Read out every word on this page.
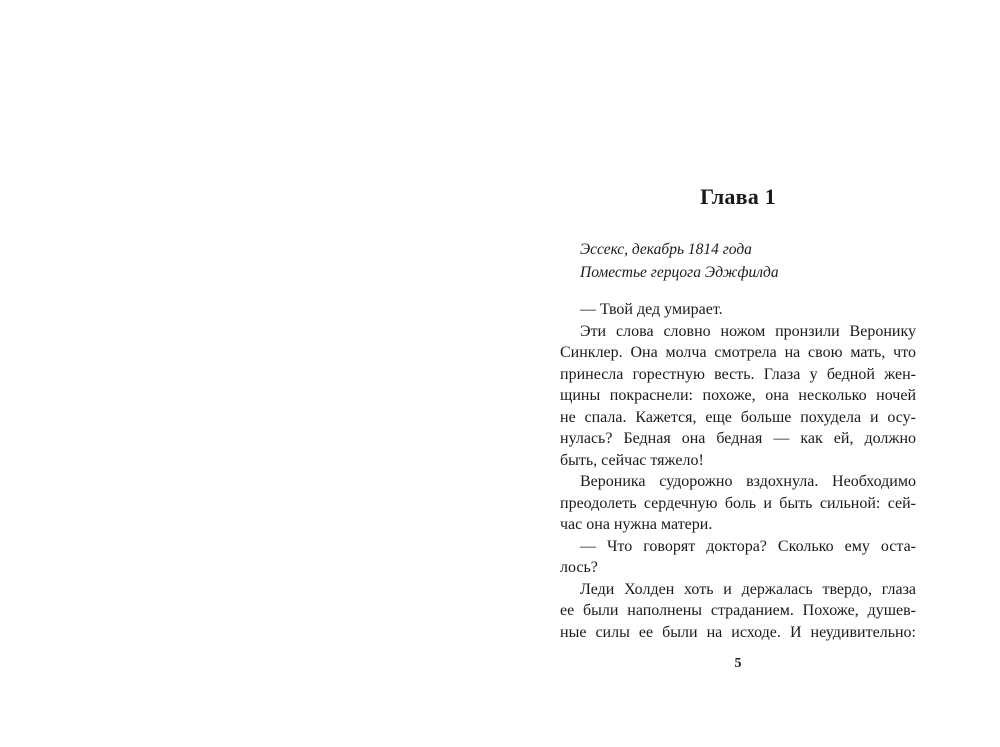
Глава 1
Эссекс, декабрь 1814 года
Поместье герцога Эджфилда
— Твой дед умирает.
Эти слова словно ножом пронзили Веронику
Синклер. Она молча смотрела на свою мать, что
принесла горестную весть. Глаза у бедной жен-
щины покраснели: похоже, она несколько ночей
не спала. Кажется, еще больше похудела и осу-
нулась? Бедная она бедная — как ей, должно
быть, сейчас тяжело!
Вероника судорожно вздохнула. Необходимо
преодолеть сердечную боль и быть сильной: сей-
час она нужна матери.
— Что говорят доктора? Сколько ему оста-
лось?
Леди Холден хоть и держалась твердо, глаза
ее были наполнены страданием. Похоже, душев-
ные силы ее были на исходе. И неудивительно:
5
